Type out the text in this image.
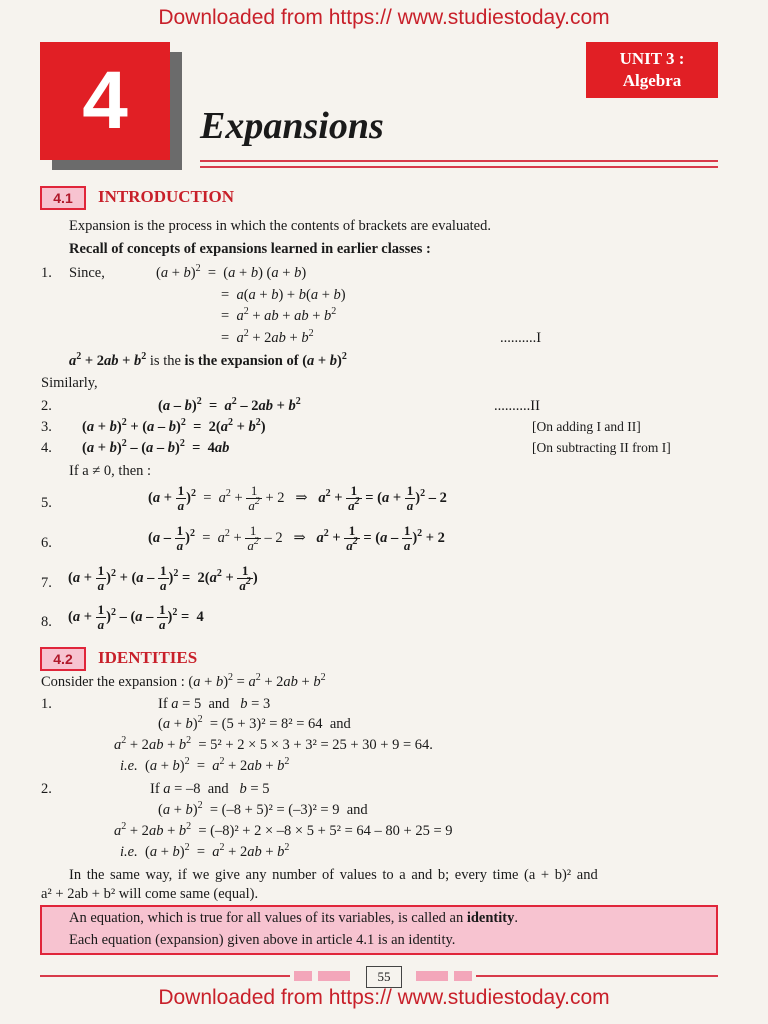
Downloaded from https:// www.studiestoday.com
4	UNIT 3 :
Algebra
Expansions
4.1	INTRODUCTION
Expansion is the process in which the contents of brackets are evaluated.
Recall of concepts of expansions learned in earlier classes :
1. Since,	$(a + b)^2 = (a + b)$ (a + b)
=  a(a + b) + b(a + b)
=  $a^2$ + ab + ab + $b^2$
=  $a^2 + 2ab + b^2$	..........I
$a^2 + 2ab + b^2$ is the is the expansion of $(a + b)^2$
Similarly,
2.	$(a - b)^2 = a^2 - 2ab + b^2$	..........II
3. $(a + b)^2 + (a - b)^2 = 2(a^2 + b^2)$	[On adding I and II]
4. $(a + b)^2 - (a - b)^2 = 4ab$	[On subtracting II from I]
If a ≠ 0, then :
5.	$(a + \frac{1}{a} )^2 = a^2 + \frac{1}{a^2} + 2$   ⇒   $a^2 + \frac{1}{a^2} = (a + \frac{1}{a} )^2 - 2$
6.	$(a - \frac{1}{a} )^2 = a^2 + \frac{1}{a^2} - 2$   ⇒   $a^2 + \frac{1}{a^2} = (a - \frac{1}{a} )^2 + 2$
7. $(a + \frac{1}{a} )^2 + (a - \frac{1}{a} )^2 = 2(a^2 + \frac{1}{a^2}$ )
8. $(a + \frac{1}{a} )^2 - (a - \frac{1}{a} )^2 = 4$
4.2	IDENTITIES
Consider the expansion : $(a + b)^2 = a^2 + 2ab + b^2$
1.	If a = 5  and   b = 3
$(a + b)^2 = (5 + 3)^2 = 8^2 = 64$  and
$a^2 + 2ab + b^2 = 5^2 + 2 \times 5 \times 3 + 3^2 = 25 + 30 + 9 = 64$.
i.e.  $(a + b)^2 = a^2 + 2ab + b^2$
2.	If a = –8  and   b = 5
$(a + b)^2 = (-8 + 5)^2 = (-3)^2 = 9$  and
$a^2 + 2ab + b^2 = (-8)^2 + 2 \times -8 \times 5 + 5^2 = 64 - 80 + 25 = 9$
i.e.  $(a + b)^2 = a^2 + 2ab + b^2$
In the same way, if we give any number of values to a and b; every time (a + b)² and
a² + 2ab + b² will come same (equal).
An equation, which is true for all values of its variables, is called an identity.
Each equation (expansion) given above in article 4.1 is an identity.
55
Downloaded from https:// www.studiestoday.com
